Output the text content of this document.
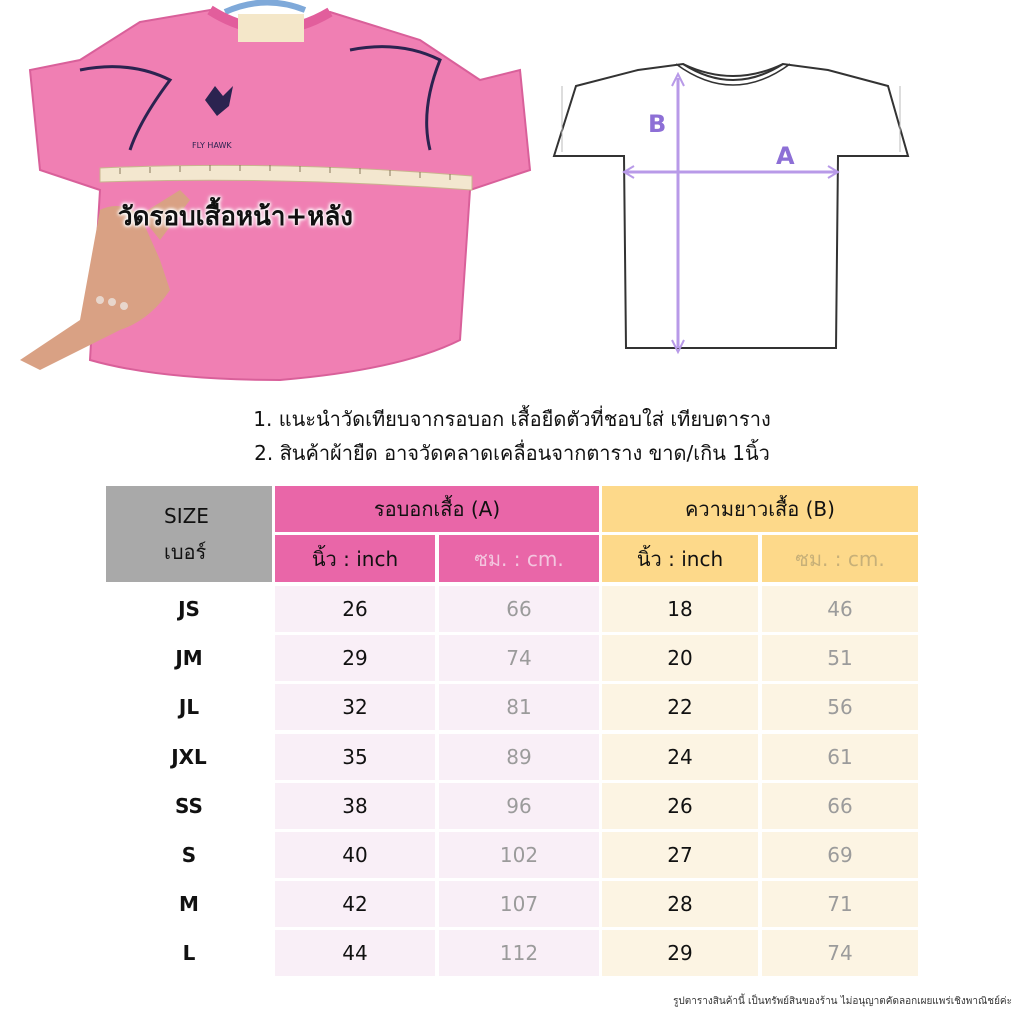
FLY HAWK
วัดรอบเสื้อหน้า+หลัง
B
A
1. แนะนำวัดเทียบจากรอบอก เสื้อยืดตัวที่ชอบใส่ เทียบตาราง
2. สินค้าผ้ายืด อาจวัดคลาดเคลื่อนจากตาราง ขาด/เกิน 1นิ้ว
SIZE
เบอร์
รอบอกเสื้อ (A)	ความยาวเสื้อ (B)
นิ้ว : inch	ซม. : cm.	นิ้ว : inch	ซม. : cm.
JS	26	66	18	46
JM	29	74	20	51
JL	32	81	22	56
JXL	35	89	24	61
SS	38	96	26	66
S	40	102	27	69
M	42	107	28	71
L	44	112	29	74
รูปตารางสินค้านี้ เป็นทรัพย์สินของร้าน ไม่อนุญาตคัดลอกเผยแพร่เชิงพาณิชย์ค่ะ
